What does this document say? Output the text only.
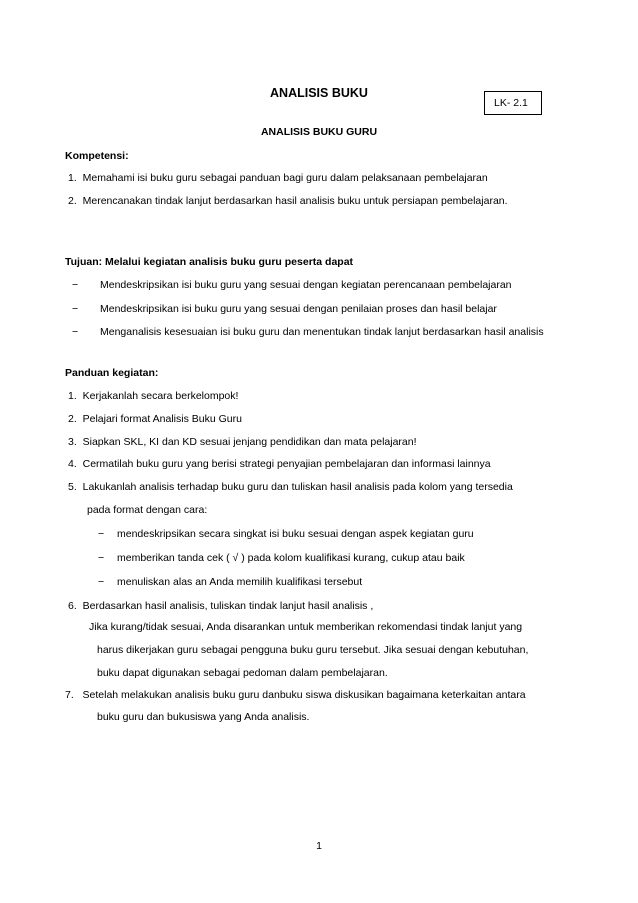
ANALISIS BUKU
LK- 2.1
ANALISIS BUKU GURU
Kompetensi:
1. Memahami isi buku guru sebagai panduan bagi guru dalam pelaksanaan pembelajaran
2. Merencanakan tindak lanjut berdasarkan hasil analisis buku untuk persiapan pembelajaran.
Tujuan: Melalui kegiatan analisis buku guru peserta dapat
− Mendeskripsikan isi buku guru yang sesuai dengan kegiatan perencanaan pembelajaran
− Mendeskripsikan isi buku guru yang sesuai dengan penilaian proses dan hasil belajar
− Menganalisis kesesuaian isi buku guru dan menentukan tindak lanjut berdasarkan hasil analisis
Panduan kegiatan:
1. Kerjakanlah secara berkelompok!
2. Pelajari format Analisis Buku Guru
3. Siapkan SKL, KI dan KD sesuai jenjang pendidikan dan mata pelajaran!
4. Cermatilah buku guru yang berisi strategi penyajian pembelajaran dan informasi lainnya
5. Lakukanlah analisis terhadap buku guru dan tuliskan hasil analisis pada kolom yang tersedia
pada format dengan cara:
− mendeskripsikan secara singkat isi buku sesuai dengan aspek kegiatan guru
− memberikan tanda cek ( √ ) pada kolom kualifikasi kurang, cukup atau baik
− menuliskan alas an Anda memilih kualifikasi tersebut
6. Berdasarkan hasil analisis, tuliskan tindak lanjut hasil analisis ,
Jika kurang/tidak sesuai, Anda disarankan untuk memberikan rekomendasi tindak lanjut yang
harus dikerjakan guru sebagai pengguna buku guru tersebut. Jika sesuai dengan kebutuhan,
buku dapat digunakan sebagai pedoman dalam pembelajaran.
7. Setelah melakukan analisis buku guru danbuku siswa diskusikan bagaimana keterkaitan antara
buku guru dan bukusiswa yang Anda analisis.
1
